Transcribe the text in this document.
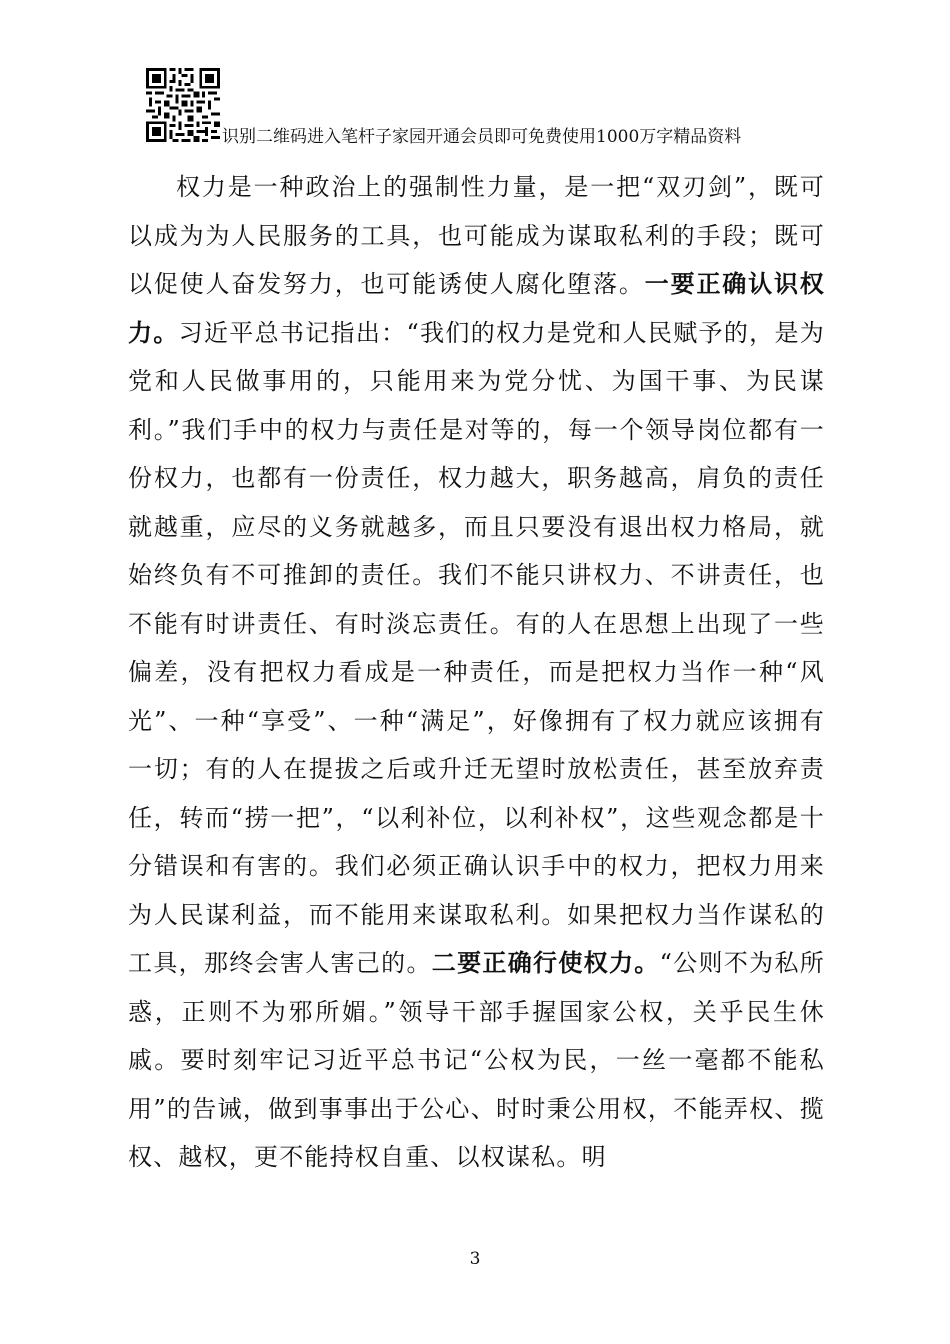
识别二维码进入笔杆子家园开通会员即可免费使用1000万字精品资料

权力是一种政治上的强制性力量，是一把“双刃剑”，既可以成为为人民服务的工具，也可能成为谋取私利的手段；既可以促使人奋发努力，也可能诱使人腐化堕落。一要正确认识权力。习近平总书记指出：“我们的权力是党和人民赋予的，是为党和人民做事用的，只能用来为党分忧、为国干事、为民谋利。”我们手中的权力与责任是对等的，每一个领导岗位都有一份权力，也都有一份责任，权力越大，职务越高，肩负的责任就越重，应尽的义务就越多，而且只要没有退出权力格局，就始终负有不可推卸的责任。我们不能只讲权力、不讲责任，也不能有时讲责任、有时淡忘责任。有的人在思想上出现了一些偏差，没有把权力看成是一种责任，而是把权力当作一种“风光”、一种“享受”、一种“满足”，好像拥有了权力就应该拥有一切；有的人在提拔之后或升迁无望时放松责任，甚至放弃责任，转而“捞一把”，“以利补位，以利补权”，这些观念都是十分错误和有害的。我们必须正确认识手中的权力，把权力用来为人民谋利益，而不能用来谋取私利。如果把权力当作谋私的工具，那终会害人害己的。二要正确行使权力。“公则不为私所惑，正则不为邪所媚。”领导干部手握国家公权，关乎民生休戚。要时刻牢记习近平总书记“公权为民，一丝一毫都不能私用”的告诫，做到事事出于公心、时时秉公用权，不能弄权、揽权、越权，更不能持权自重、以权谋私。明

3
